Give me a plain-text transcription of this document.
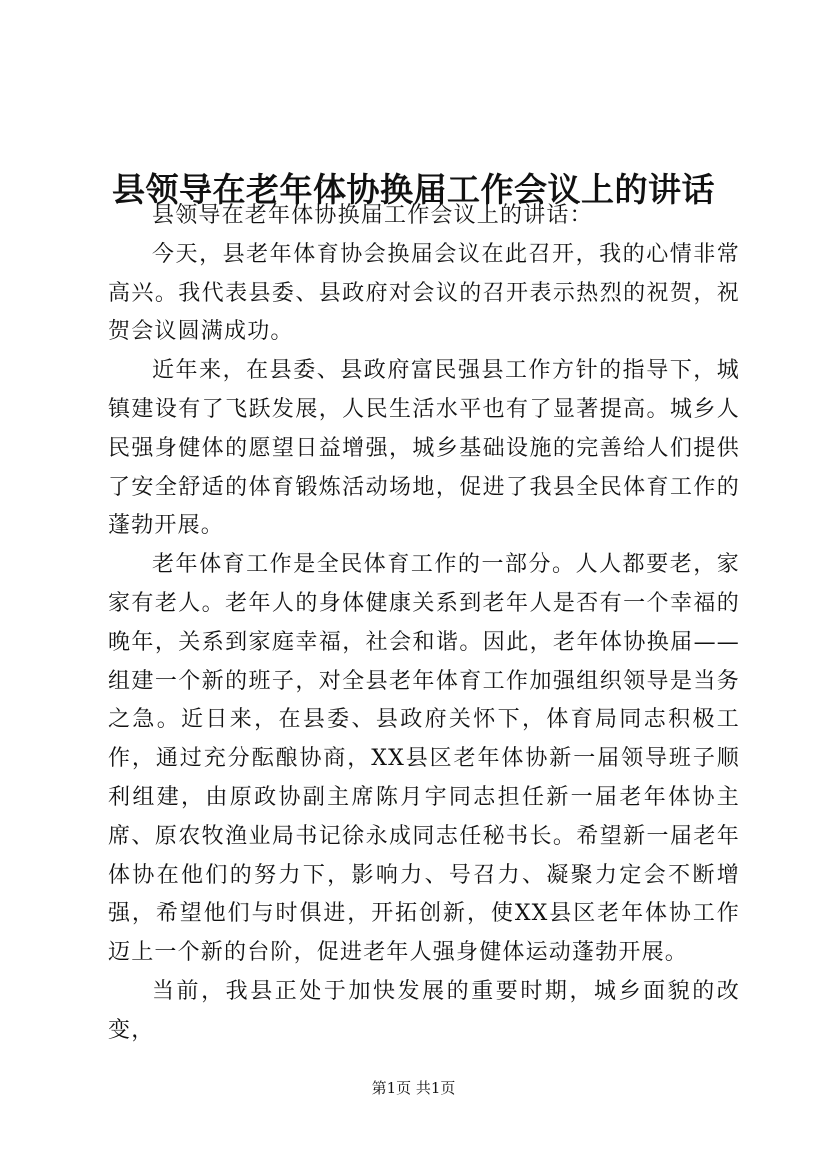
县领导在老年体协换届工作会议上的讲话

县领导在老年体协换届工作会议上的讲话：

今天，县老年体育协会换届会议在此召开，我的心情非常高兴。我代表县委、县政府对会议的召开表示热烈的祝贺，祝贺会议圆满成功。

近年来，在县委、县政府富民强县工作方针的指导下，城镇建设有了飞跃发展，人民生活水平也有了显著提高。城乡人民强身健体的愿望日益增强，城乡基础设施的完善给人们提供了安全舒适的体育锻炼活动场地，促进了我县全民体育工作的蓬勃开展。

老年体育工作是全民体育工作的一部分。人人都要老，家家有老人。老年人的身体健康关系到老年人是否有一个幸福的晚年，关系到家庭幸福，社会和谐。因此，老年体协换届——组建一个新的班子，对全县老年体育工作加强组织领导是当务之急。近日来，在县委、县政府关怀下，体育局同志积极工作，通过充分酝酿协商，XX县区老年体协新一届领导班子顺利组建，由原政协副主席陈月宇同志担任新一届老年体协主席、原农牧渔业局书记徐永成同志任秘书长。希望新一届老年体协在他们的努力下，影响力、号召力、凝聚力定会不断增强，希望他们与时俱进，开拓创新，使XX县区老年体协工作迈上一个新的台阶，促进老年人强身健体运动蓬勃开展。

当前，我县正处于加快发展的重要时期，城乡面貌的改变，

第1页 共1页
